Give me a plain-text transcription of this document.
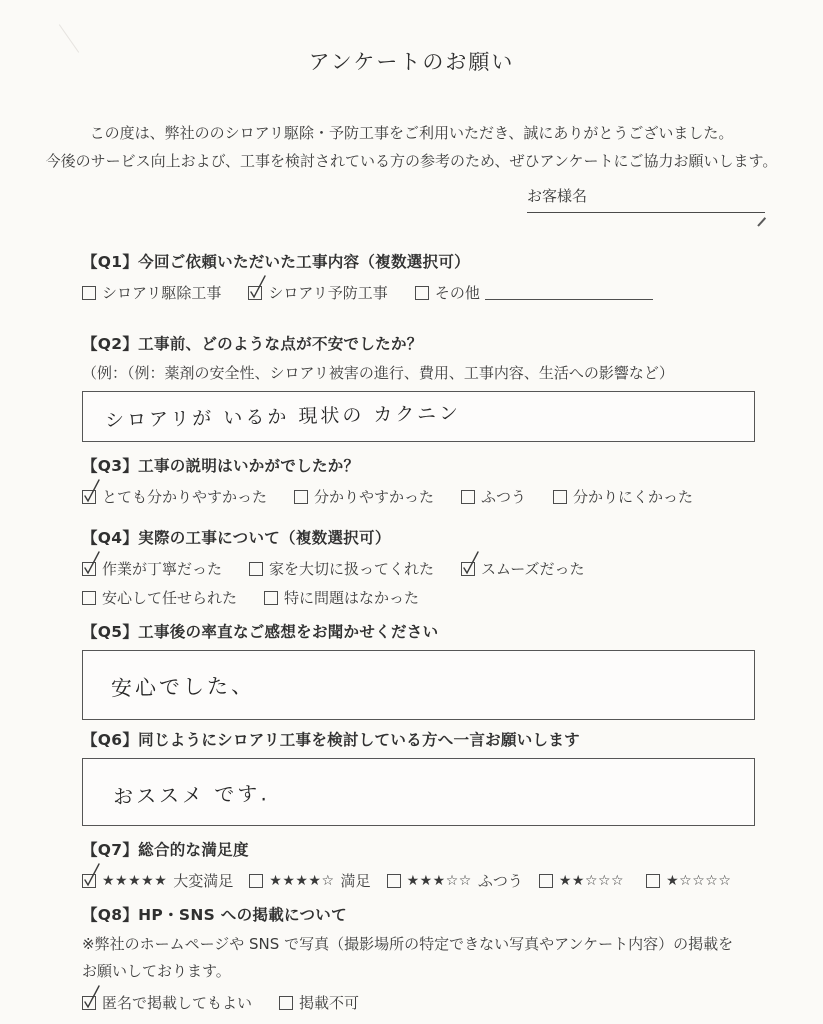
アンケートのお願い
この度は、弊社ののシロアリ駆除・予防工事をご利用いただき、誠にありがとうございました。
今後のサービス向上および、工事を検討されている方の参考のため、ぜひアンケートにご協力お願いします。
お客様名
【Q1】今回ご依頼いただいた工事内容（複数選択可）
シロアリ駆除工事	シロアリ予防工事	その他
【Q2】工事前、どのような点が不安でしたか？
（例：（例：薬剤の安全性、シロアリ被害の進行、費用、工事内容、生活への影響など）
シロアリが いるか 現状の カクニン
【Q3】工事の説明はいかがでしたか？
とても分かりやすかった	分かりやすかった	ふつう	分かりにくかった
【Q4】実際の工事について（複数選択可）
作業が丁寧だった	家を大切に扱ってくれた	スムーズだった
安心して任せられた	特に問題はなかった
【Q5】工事後の率直なご感想をお聞かせください
安心でした、
【Q6】同じようにシロアリ工事を検討している方へ一言お願いします
おススメ です.
【Q7】総合的な満足度
★★★★★ 大変満足	★★★★☆ 満足	★★★☆☆ ふつう	★★☆☆☆	★☆☆☆☆
【Q8】HP・SNS への掲載について
※弊社のホームページや SNS で写真（撮影場所の特定できない写真やアンケート内容）の掲載を
お願いしております。
匿名で掲載してもよい	掲載不可
